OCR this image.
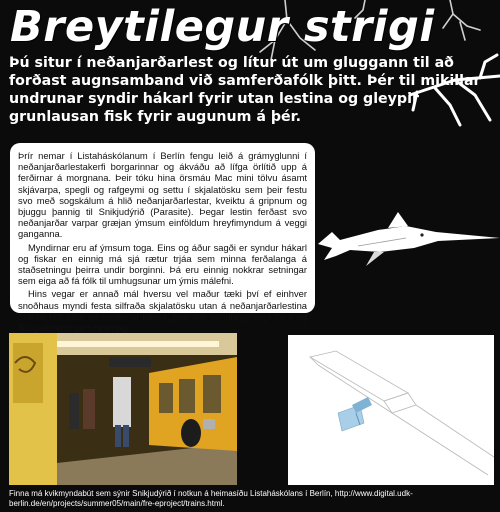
Breytilegur strigi

Þú situr í neðanjarðarlest og lítur út um gluggann til að forðast augnsamband við samferðafólk þitt. Þér til mikillar undrunar syndir hákarl fyrir utan lestina og gleypir grunlausan fisk fyrir augunum á þér.

Þrír nemar í Listaháskólanum í Berlín fengu leið á grámyglunni í neðanjarðarlestakerfi borgarinnar og ákváðu að lífga örlítið upp á ferðirnar á morgnana. Þeir tóku hina örsmáu Mac mini tölvu ásamt skjávarpa, spegli og rafgeymi og settu í skjalatösku sem þeir festu svo með sogskálum á hlið neðanjarðarlestar, kveiktu á gripnum og bjuggu þannig til Snikjudýrið (Parasite). Þegar lestin ferðast svo neðanjarðar varpar græjan ýmsum einföldum hreyfimyndum á veggi ganganna.

Myndirnar eru af ýmsum toga. Eins og áður sagði er syndur hákarl og fiskar en einnig má sjá rætur trjáa sem minna ferðalanga á staðsetningu þeirra undir borginni. Þá eru einnig nokkrar setningar sem eiga að fá fólk til umhugsunar um ýmis málefni.

Hins vegar er annað mál hversu vel maður tæki því ef einhver snoðhaus myndi festa silfraða skjalatösku utan á neðanjarðarlestina manns rétt áður en hurðirnar lokast, það yrði sennilega uppi fótur og fit og almenn geðshræring.

Finna má kvikmyndabút sem sýnir Snikjudýrið í notkun á heimasíðu Listaháskólans í Berlín, http://www.digital.udk-berlin.de/en/projects/summer05/main/fre-eproject/trains.html.
